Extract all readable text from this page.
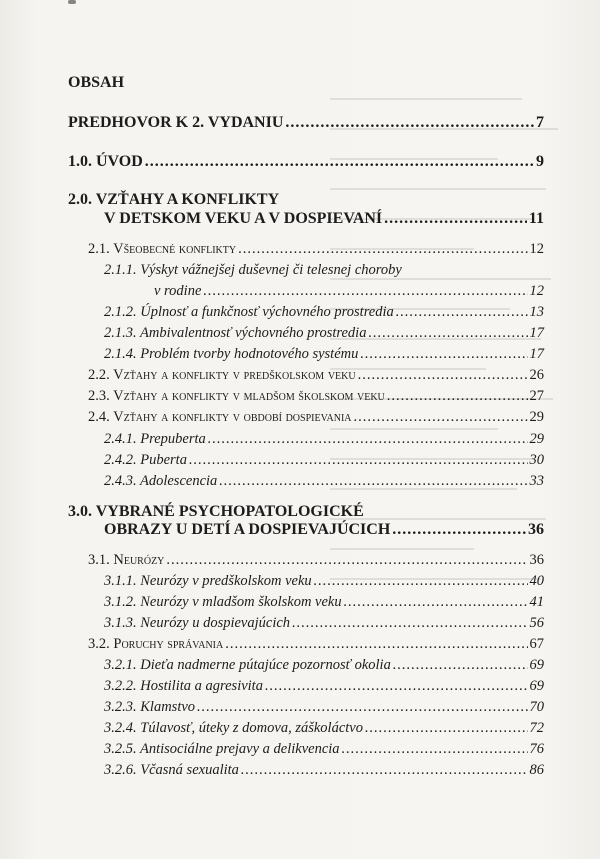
OBSAH
PREDHOVOR K 2. VYDANIU .....	7
1.0. ÚVOD .....	9
2.0. VZŤAHY A KONFLIKTY
V DETSKOM VEKU A V DOSPIEVANÍ .....	11
2.1. Všeobecné konflikty .....	12
2.1.1. Výskyt vážnejšej duševnej či telesnej choroby
v rodine .....	12
2.1.2. Úplnosť a funkčnosť výchovného prostredia .....	13
2.1.3. Ambivalentnosť výchovného prostredia .....	17
2.1.4. Problém tvorby hodnotového systému .....	17
2.2. Vzťahy a konflikty v predškolskom veku .....	26
2.3. Vzťahy a konflikty v mladšom školskom veku .....	27
2.4. Vzťahy a konflikty v období dospievania .....	29
2.4.1. Prepuberta .....	29
2.4.2. Puberta .....	30
2.4.3. Adolescencia .....	33
3.0. VYBRANÉ PSYCHOPATOLOGICKÉ
OBRAZY U DETÍ A DOSPIEVAJÚCICH .....	36
3.1. Neurózy .....	36
3.1.1. Neurózy v predškolskom veku .....	40
3.1.2. Neurózy v mladšom školskom veku .....	41
3.1.3. Neurózy u dospievajúcich .....	56
3.2. Poruchy správania .....	67
3.2.1. Dieťa nadmerne pútajúce pozornosť okolia .....	69
3.2.2. Hostilita a agresivita .....	69
3.2.3. Klamstvo .....	70
3.2.4. Túlavosť, úteky z domova, záškoláctvo .....	72
3.2.5. Antisociálne prejavy a delikvencia .....	76
3.2.6. Včasná sexualita .....	86
